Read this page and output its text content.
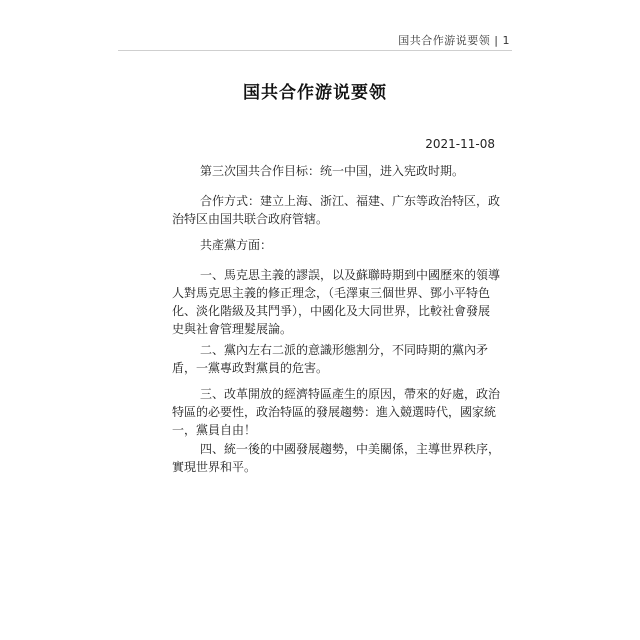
国共合作游说要领 | 1
国共合作游说要领
2021-11-08
第三次国共合作目标：统一中国，进入宪政时期。
合作方式：建立上海、浙江、福建、广东等政治特区，政治特区由国共联合政府管辖。
共產黨方面：
一、馬克思主義的謬誤，以及蘇聯時期到中國歷來的領導人對馬克思主義的修正理念，（毛澤東三個世界、鄧小平特色化、淡化階級及其鬥爭），中國化及大同世界，比較社會發展史與社會管理髮展論。
二、黨內左右二派的意識形態割分，不同時期的黨內矛盾，一黨專政對黨員的危害。
三、改革開放的經濟特區產生的原因，帶來的好處，政治特區的必要性，政治特區的發展趨勢：進入競選時代，國家統一，黨員自由！
四、統一後的中國發展趨勢，中美關係，主導世界秩序，實現世界和平。
